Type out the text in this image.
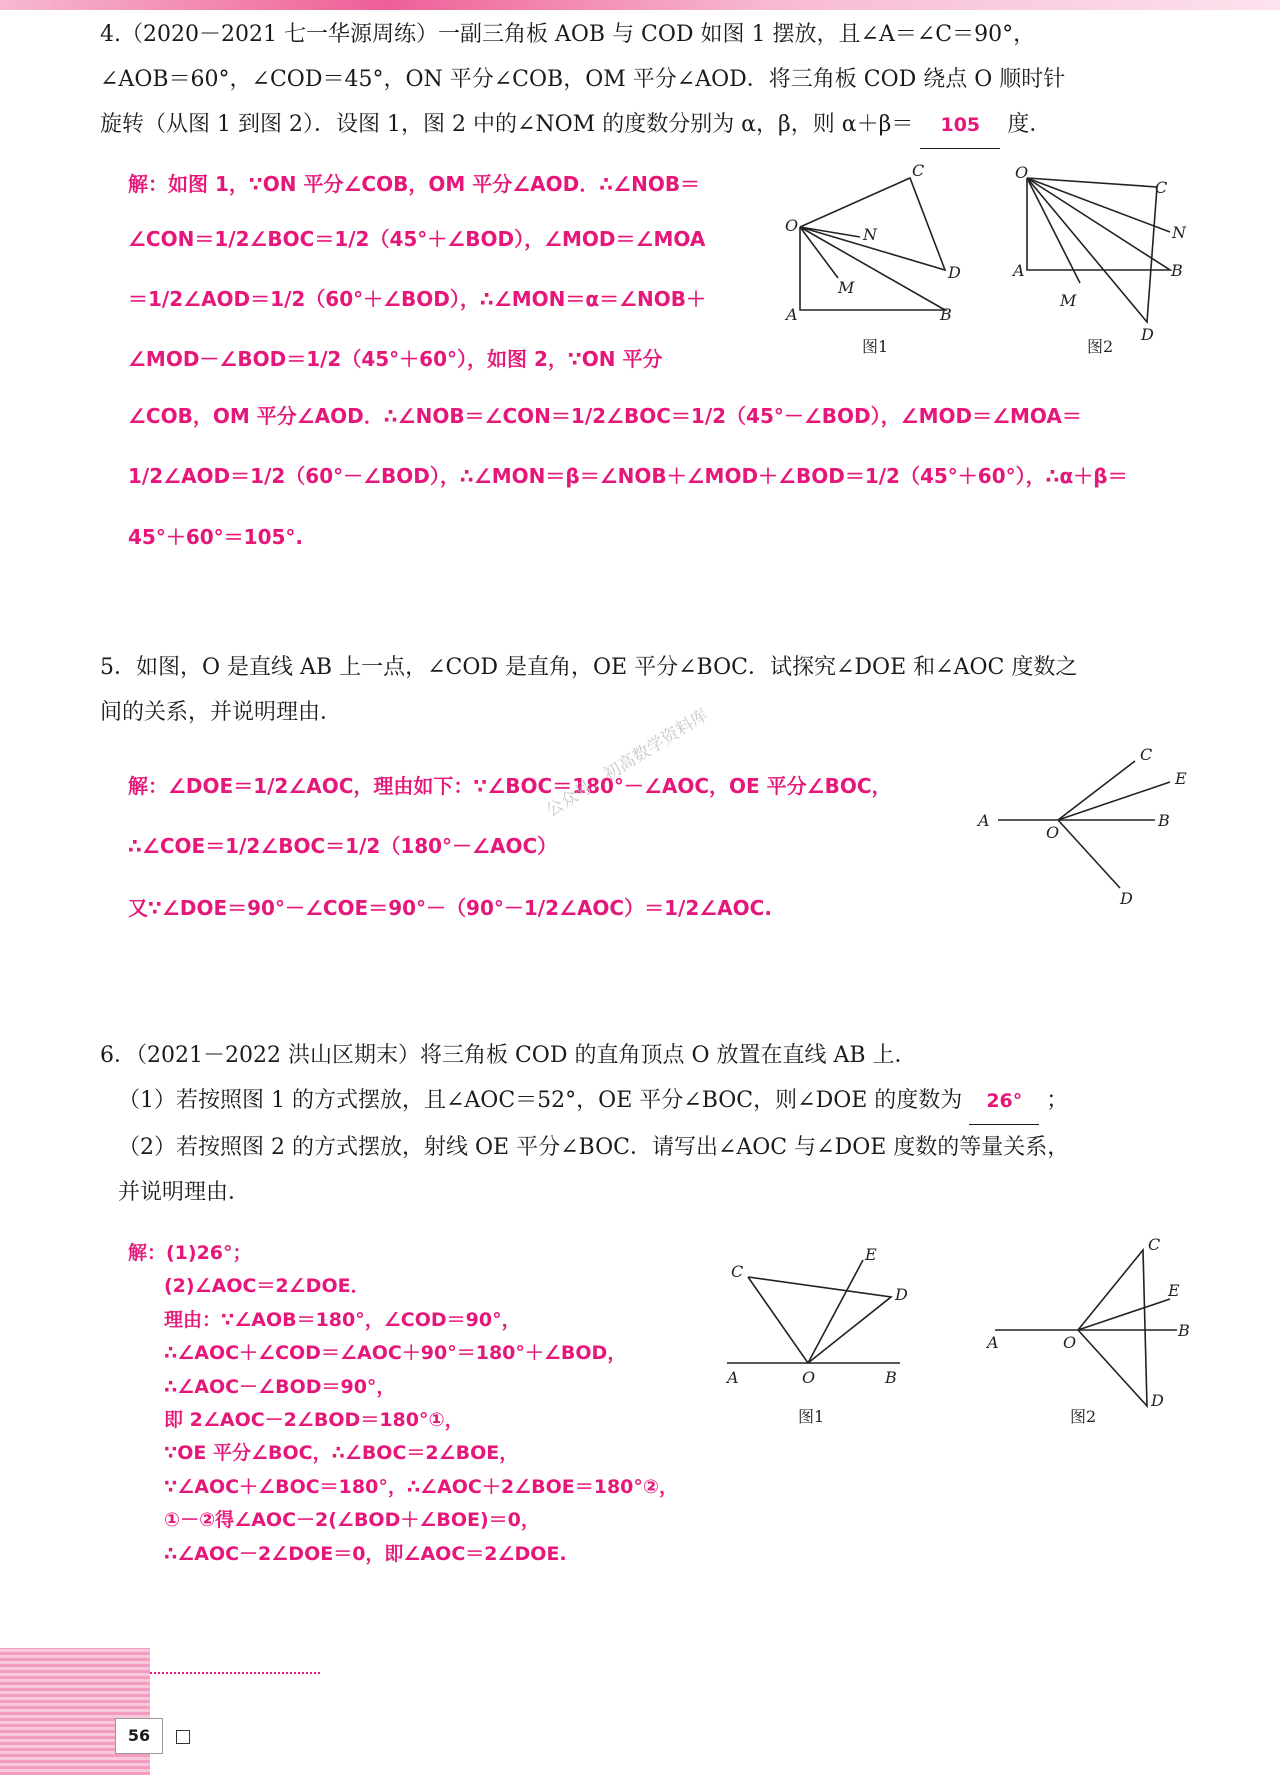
4.（2020－2021 七一华源周练）一副三角板 AOB 与 COD 如图 1 摆放，且∠A＝∠C＝90°，
∠AOB＝60°，∠COD＝45°，ON 平分∠COB，OM 平分∠AOD．将三角板 COD 绕点 O 顺时针
旋转（从图 1 到图 2）．设图 1，图 2 中的∠NOM 的度数分别为 α，β，则 α＋β＝ 105 度．
解：如图 1，∵ON 平分∠COB，OM 平分∠AOD．∴∠NOB＝
∠CON＝1/2∠BOC＝1/2（45°＋∠BOD），∠MOD＝∠MOA
＝1/2∠AOD＝1/2（60°＋∠BOD），∴∠MON＝α＝∠NOB＋
∠MOD－∠BOD＝1/2（45°＋60°），如图 2，∵ON 平分
∠COB，OM 平分∠AOD．∴∠NOB＝∠CON＝1/2∠BOC＝1/2（45°－∠BOD），∠MOD＝∠MOA＝
1/2∠AOD＝1/2（60°－∠BOD），∴∠MON＝β＝∠NOB＋∠MOD＋∠BOD＝1/2（45°＋60°），∴α＋β＝
45°＋60°＝105°.
O
C
N
D
M
A	B
图1
O
C
N
A	B
M
D
图2
5．如图，O 是直线 AB 上一点，∠COD 是直角，OE 平分∠BOC．试探究∠DOE 和∠AOC 度数之
间的关系，并说明理由．
解：∠DOE＝1/2∠AOC，理由如下：∵∠BOC＝180°－∠AOC，OE 平分∠BOC，
∴∠COE＝1/2∠BOC＝1/2（180°－∠AOC）
又∵∠DOE＝90°－∠COE＝90°－（90°－1/2∠AOC）＝1/2∠AOC.
C
E
A
O
B
D
6．（2021－2022 洪山区期末）将三角板 COD 的直角顶点 O 放置在直线 AB 上．
（1）若按照图 1 的方式摆放，且∠AOC＝52°，OE 平分∠BOC，则∠DOE 的度数为 26° ；
（2）若按照图 2 的方式摆放，射线 OE 平分∠BOC．请写出∠AOC 与∠DOE 度数的等量关系，
并说明理由．
解：(1)26°；
(2)∠AOC＝2∠DOE．
理由：∵∠AOB＝180°，∠COD＝90°，
∴∠AOC＋∠COD＝∠AOC＋90°＝180°＋∠BOD，
∴∠AOC－∠BOD＝90°，
即 2∠AOC－2∠BOD＝180°①，
∵OE 平分∠BOC，∴∠BOC＝2∠BOE，
∵∠AOC＋∠BOC＝180°，∴∠AOC＋2∠BOE＝180°②，
①－②得∠AOC－2(∠BOD＋∠BOE)＝0，
∴∠AOC－2∠DOE＝0，即∠AOC＝2∠DOE.
C
E
D
A	O	B
图1
C
E
B
A	O
D
图2
公众号：初高数学资料库
56
